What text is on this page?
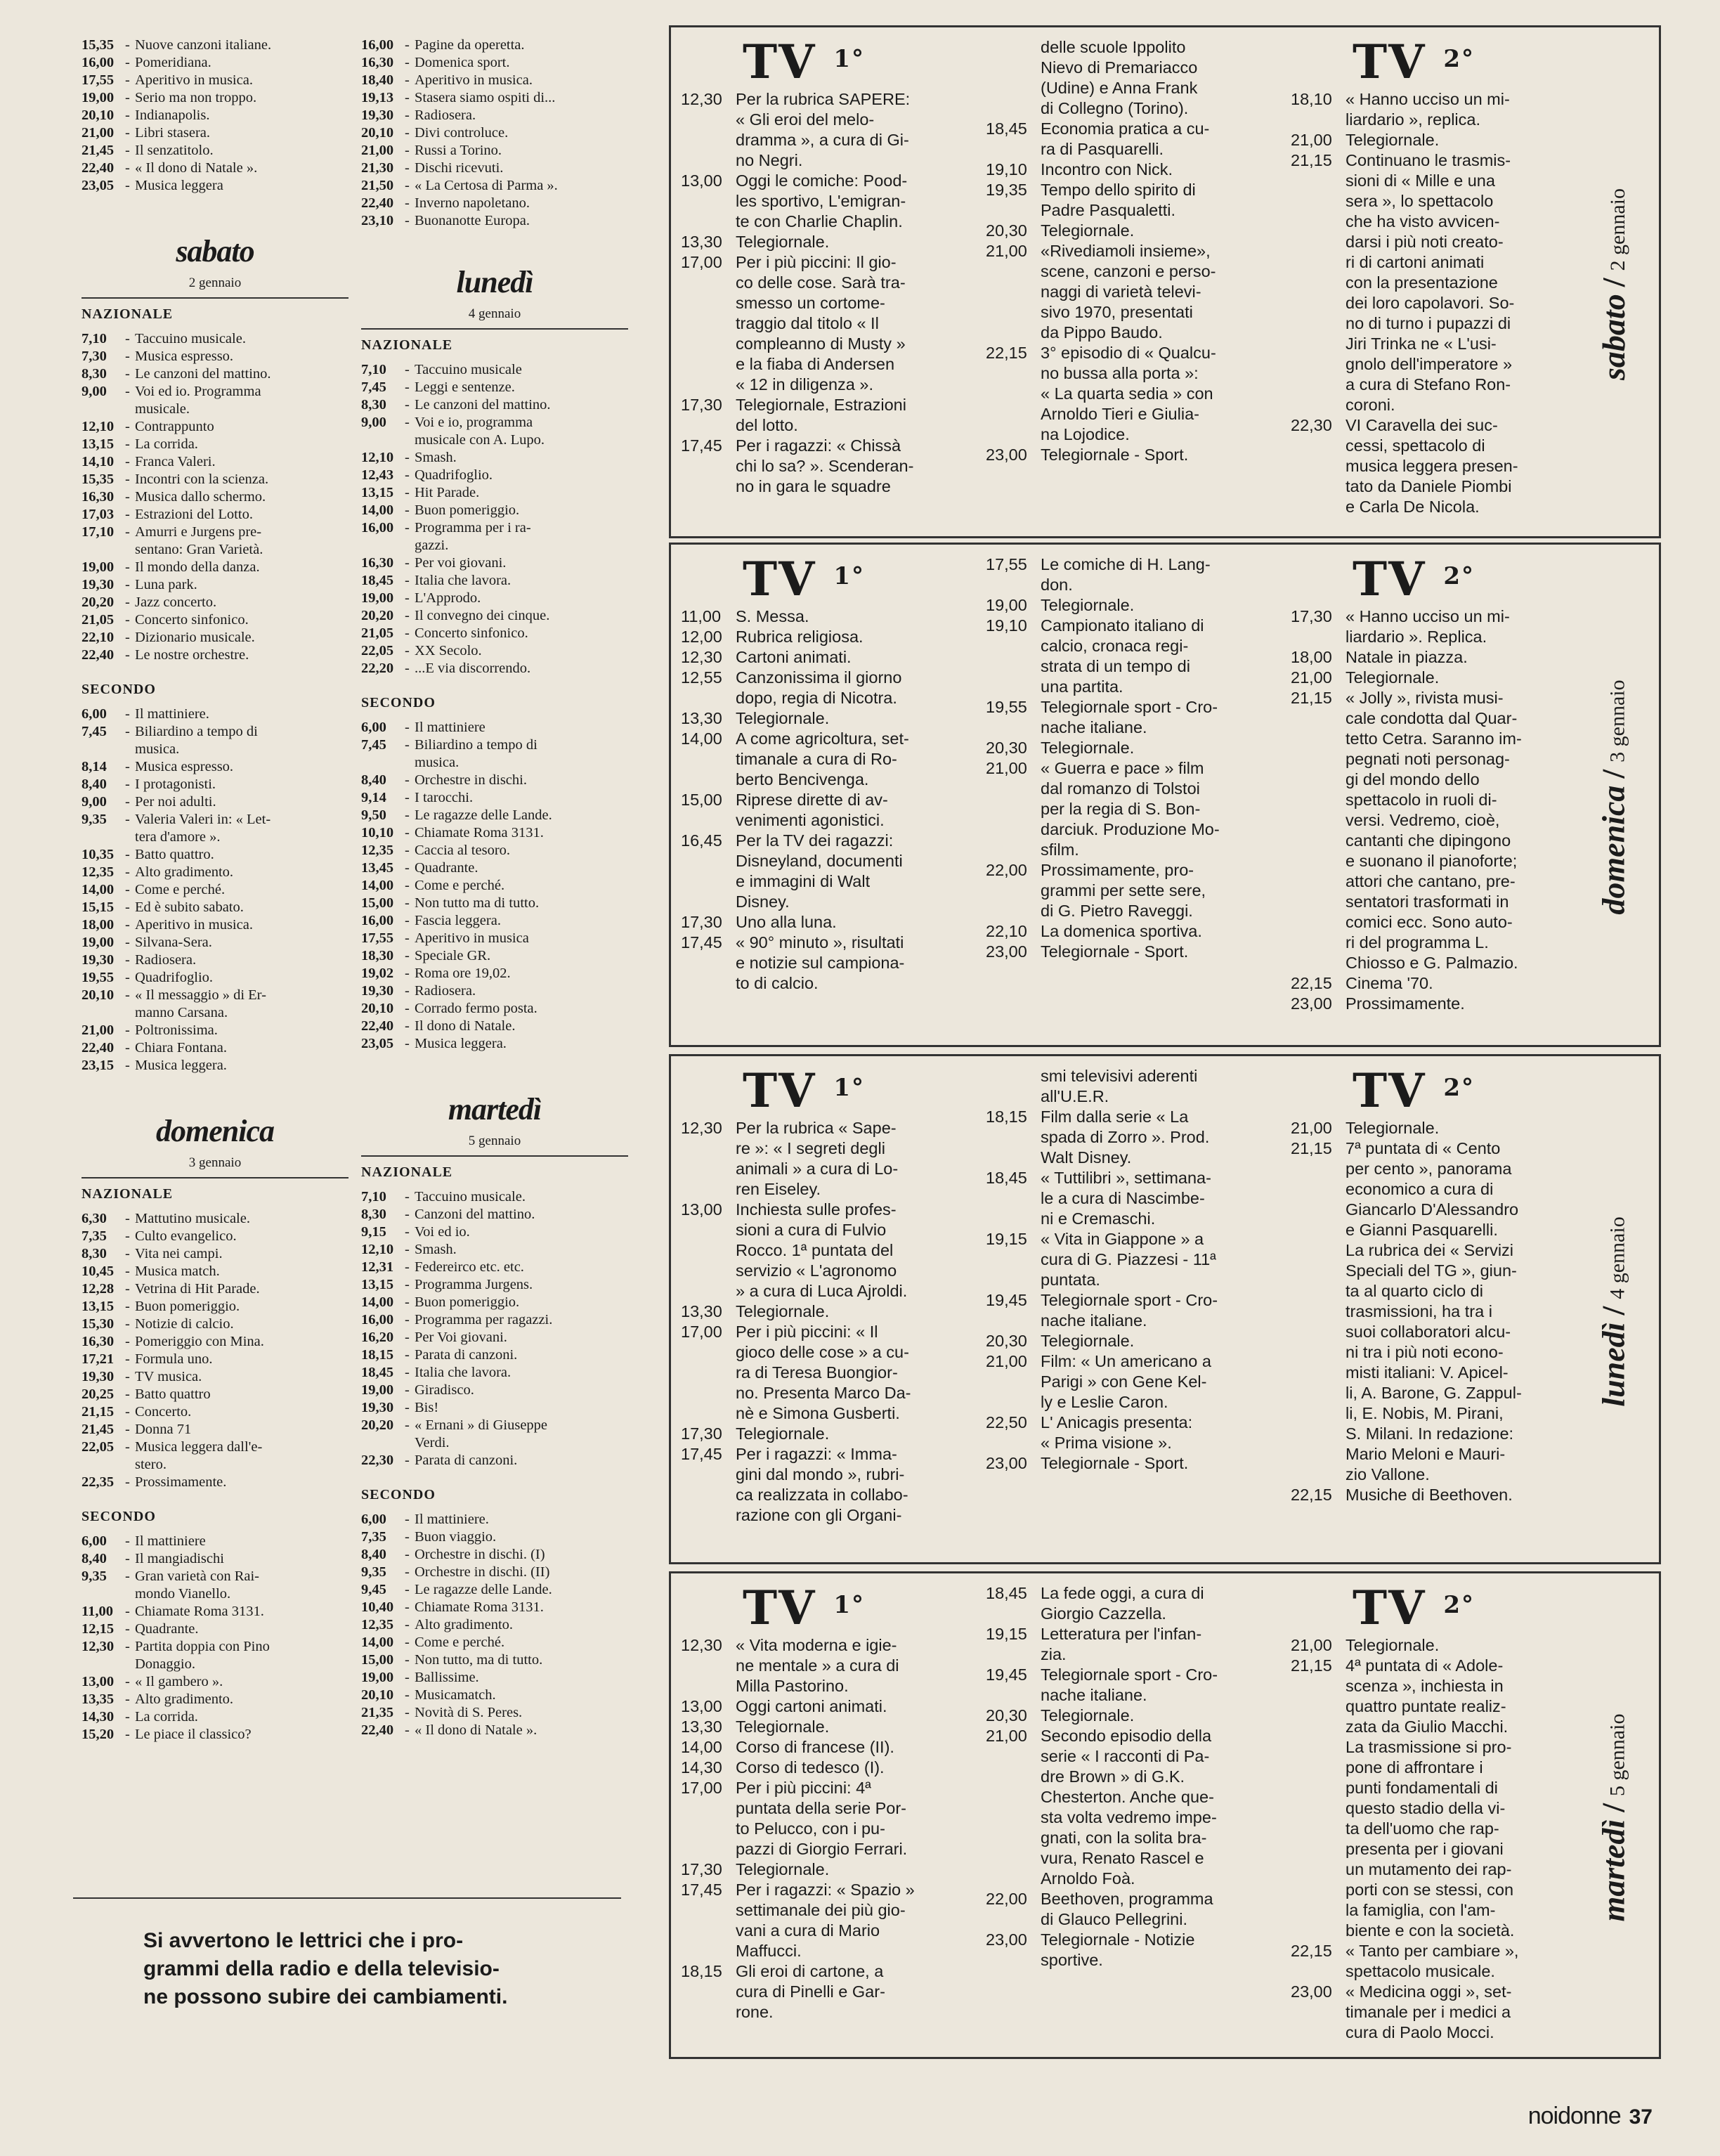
15,35 - Nuove canzoni italiane.
16,00 - Pomeridiana.
17,55 - Aperitivo in musica.
19,00 - Serio ma non troppo.
20,10 - Indianapolis.
21,00 - Libri stasera.
21,45 - Il senzatitolo.
22,40 - « Il dono di Natale ».
23,05 - Musica leggera
sabato
2 gennaio
NAZIONALE
7,10	- Taccuino musicale.
7,30	- Musica espresso.
8,30	- Le canzoni del mattino.
9,00	- Voi ed io. Programma
musicale.
12,10 - Contrappunto
13,15 - La corrida.
14,10 - Franca Valeri.
15,35 - Incontri con la scienza.
16,30 - Musica dallo schermo.
17,03 - Estrazioni del Lotto.
17,10 - Amurri e Jurgens pre-
sentano: Gran Varietà.
19,00 - Il mondo della danza.
19,30 - Luna park.
20,20 - Jazz concerto.
21,05 - Concerto sinfonico.
22,10 - Dizionario musicale.
22,40 - Le nostre orchestre.
SECONDO
6,00	- Il mattiniere.
7,45	- Biliardino a tempo di
musica.
8,14	- Musica espresso.
8,40	- I protagonisti.
9,00	- Per noi adulti.
9,35	- Valeria Valeri in: « Let-
tera d'amore ».
10,35 - Batto quattro.
12,35 - Alto gradimento.
14,00 - Come e perché.
15,15 - Ed è subito sabato.
18,00 - Aperitivo in musica.
19,00 - Silvana-Sera.
19,30 - Radiosera.
19,55 - Quadrifoglio.
20,10 - « Il messaggio » di Er-
manno Carsana.
21,00 - Poltronissima.
22,40 - Chiara Fontana.
23,15 - Musica leggera.
domenica
3 gennaio
NAZIONALE
6,30	- Mattutino musicale.
7,35	- Culto evangelico.
8,30	- Vita nei campi.
10,45 - Musica match.
12,28 - Vetrina di Hit Parade.
13,15 - Buon pomeriggio.
15,30 - Notizie di calcio.
16,30 - Pomeriggio con Mina.
17,21 - Formula uno.
19,30 - TV musica.
20,25 - Batto quattro
21,15 - Concerto.
21,45 - Donna 71
22,05 - Musica leggera dall'e-
stero.
22,35 - Prossimamente.
SECONDO
6,00	- Il mattiniere
8,40	- Il mangiadischi
9,35	- Gran varietà con Rai-
mondo Vianello.
11,00 - Chiamate Roma 3131.
12,15 - Quadrante.
12,30 - Partita doppia con Pino
Donaggio.
13,00 - « Il gambero ».
13,35 - Alto gradimento.
14,30 - La corrida.
15,20 - Le piace il classico?
16,00 - Pagine da operetta.
16,30 - Domenica sport.
18,40 - Aperitivo in musica.
19,13 - Stasera siamo ospiti di...
19,30 - Radiosera.
20,10 - Divi controluce.
21,00 - Russi a Torino.
21,30 - Dischi ricevuti.
21,50 - « La Certosa di Parma ».
22,40 - Inverno napoletano.
23,10 - Buonanotte Europa.
lunedì
4 gennaio
NAZIONALE
7,10	- Taccuino musicale
7,45	- Leggi e sentenze.
8,30	- Le canzoni del mattino.
9,00	- Voi e io, programma
musicale con A. Lupo.
12,10 - Smash.
12,43 - Quadrifoglio.
13,15 - Hit Parade.
14,00 - Buon pomeriggio.
16,00 - Programma per i ra-
gazzi.
16,30 - Per voi giovani.
18,45 - Italia che lavora.
19,00 - L'Approdo.
20,20 - Il convegno dei cinque.
21,05 - Concerto sinfonico.
22,05 - XX Secolo.
22,20 - ...E via discorrendo.
SECONDO
6,00	- Il mattiniere
7,45	- Biliardino a tempo di
musica.
8,40	- Orchestre in dischi.
9,14	- I tarocchi.
9,50	- Le ragazze delle Lande.
10,10 - Chiamate Roma 3131.
12,35 - Caccia al tesoro.
13,45 - Quadrante.
14,00 - Come e perché.
15,00 - Non tutto ma di tutto.
16,00 - Fascia leggera.
17,55 - Aperitivo in musica
18,30 - Speciale GR.
19,02 - Roma ore 19,02.
19,30 - Radiosera.
20,10 - Corrado fermo posta.
22,40 - Il dono di Natale.
23,05 - Musica leggera.
martedì
5 gennaio
NAZIONALE
7,10	- Taccuino musicale.
8,30	- Canzoni del mattino.
9,15	- Voi ed io.
12,10 - Smash.
12,31 - Federeirco etc. etc.
13,15 - Programma Jurgens.
14,00 - Buon pomeriggio.
16,00 - Programma per ragazzi.
16,20 - Per Voi giovani.
18,15 - Parata di canzoni.
18,45 - Italia che lavora.
19,00 - Giradisco.
19,30 - Bis!
20,20 - « Ernani » di Giuseppe
Verdi.
22,30 - Parata di canzoni.
SECONDO
6,00	- Il mattiniere.
7,35	- Buon viaggio.
8,40	- Orchestre in dischi. (I)
9,35	- Orchestre in dischi. (II)
9,45	- Le ragazze delle Lande.
10,40 - Chiamate Roma 3131.
12,35 - Alto gradimento.
14,00 - Come e perché.
15,00 - Non tutto, ma di tutto.
19,00 - Ballissime.
20,10 - Musicamatch.
21,35 - Novità di S. Peres.
22,40 - « Il dono di Natale ».
Si avvertono le lettrici che i pro-
grammi della radio e della televisio-
ne possono subire dei cambiamenti.
TV $^{1^\circ}$
12,30 Per la rubrica SAPERE:
« Gli eroi del melo-
dramma », a cura di Gi-
no Negri.
13,00 Oggi le comiche: Pood-
les sportivo, L'emigran-
te con Charlie Chaplin.
13,30 Telegiornale.
17,00 Per i più piccini: Il gio-
co delle cose. Sarà tra-
smesso un cortome-
traggio dal titolo « Il
compleanno di Musty »
e la fiaba di Andersen
« 12 in diligenza ».
17,30 Telegiornale, Estrazioni
del lotto.
17,45 Per i ragazzi: « Chissà
chi lo sa? ». Scenderan-
no in gara le squadre
delle scuole Ippolito
Nievo di Premariacco
(Udine) e Anna Frank
di Collegno (Torino).
18,45 Economia pratica a cu-
ra di Pasquarelli.
19,10 Incontro con Nick.
19,35 Tempo dello spirito di
Padre Pasqualetti.
20,30 Telegiornale.
21,00 «Rivediamoli insieme»,
scene, canzoni e perso-
naggi di varietà televi-
sivo 1970, presentati
da Pippo Baudo.
22,15 3° episodio di « Qualcu-
no bussa alla porta »:
« La quarta sedia » con
Arnoldo Tieri e Giulia-
na Lojodice.
23,00 Telegiornale - Sport.
TV $^{2^\circ}$
18,10 « Hanno ucciso un mi-
liardario », replica.
21,00 Telegiornale.
21,15 Continuano le trasmis-
sioni di « Mille e una
sera », lo spettacolo
che ha visto avvicen-
darsi i più noti creato-
ri di cartoni animati
con la presentazione
dei loro capolavori. So-
no di turno i pupazzi di
Jiri Trinka ne « L'usi-
gnolo dell'imperatore »
a cura di Stefano Ron-
coroni.
22,30 VI Caravella dei suc-
cessi, spettacolo di
musica leggera presen-
tato da Daniele Piombi
e Carla De Nicola.
sabato/2 gennaio
TV $^{1^\circ}$
11,00 S. Messa.
12,00 Rubrica religiosa.
12,30 Cartoni animati.
12,55 Canzonissima il giorno
dopo, regia di Nicotra.
13,30 Telegiornale.
14,00 A come agricoltura, set-
timanale a cura di Ro-
berto Bencivenga.
15,00 Riprese dirette di av-
venimenti agonistici.
16,45 Per la TV dei ragazzi:
Disneyland, documenti
e immagini di Walt
Disney.
17,30 Uno alla luna.
17,45 « 90° minuto », risultati
e notizie sul campiona-
to di calcio.
17,55 Le comiche di H. Lang-
don.
19,00 Telegiornale.
19,10 Campionato italiano di
calcio, cronaca regi-
strata di un tempo di
una partita.
19,55 Telegiornale sport - Cro-
nache italiane.
20,30 Telegiornale.
21,00 « Guerra e pace » film
dal romanzo di Tolstoi
per la regia di S. Bon-
darciuk. Produzione Mo-
sfilm.
22,00 Prossimamente, pro-
grammi per sette sere,
di G. Pietro Raveggi.
22,10 La domenica sportiva.
23,00 Telegiornale - Sport.
TV $^{2^\circ}$
17,30 « Hanno ucciso un mi-
liardario ». Replica.
18,00 Natale in piazza.
21,00 Telegiornale.
21,15 « Jolly », rivista musi-
cale condotta dal Quar-
tetto Cetra. Saranno im-
pegnati noti personag-
gi del mondo dello
spettacolo in ruoli di-
versi. Vedremo, cioè,
cantanti che dipingono
e suonano il pianoforte;
attori che cantano, pre-
sentatori trasformati in
comici ecc. Sono auto-
ri del programma L.
Chiosso e G. Palmazio.
22,15 Cinema '70.
23,00 Prossimamente.
domenica/3 gennaio
TV $^{1^\circ}$
12,30 Per la rubrica « Sape-
re »: « I segreti degli
animali » a cura di Lo-
ren Eiseley.
13,00 Inchiesta sulle profes-
sioni a cura di Fulvio
Rocco. 1ª puntata del
servizio « L'agronomo
» a cura di Luca Ajroldi.
13,30 Telegiornale.
17,00 Per i più piccini: « Il
gioco delle cose » a cu-
ra di Teresa Buongior-
no. Presenta Marco Da-
nè e Simona Gusberti.
17,30 Telegiornale.
17,45 Per i ragazzi: « Imma-
gini dal mondo », rubri-
ca realizzata in collabo-
razione con gli Organi-
smi televisivi aderenti
all'U.E.R.
18,15 Film dalla serie « La
spada di Zorro ». Prod.
Walt Disney.
18,45 « Tuttilibri », settimana-
le a cura di Nascimbe-
ni e Cremaschi.
19,15 « Vita in Giappone » a
cura di G. Piazzesi - 11ª
puntata.
19,45 Telegiornale sport - Cro-
nache italiane.
20,30 Telegiornale.
21,00 Film: « Un americano a
Parigi » con Gene Kel-
ly e Leslie Caron.
22,50 L' Anicagis presenta:
« Prima visione ».
23,00 Telegiornale - Sport.
TV $^{2^\circ}$
21,00 Telegiornale.
21,15 7ª puntata di « Cento
per cento », panorama
economico a cura di
Giancarlo D'Alessandro
e Gianni Pasquarelli.
La rubrica dei « Servizi
Speciali del TG », giun-
ta al quarto ciclo di
trasmissioni, ha tra i
suoi collaboratori alcu-
ni tra i più noti econo-
misti italiani: V. Apicel-
li, A. Barone, G. Zappul-
li, E. Nobis, M. Pirani,
S. Milani. In redazione:
Mario Meloni e Mauri-
zio Vallone.
22,15 Musiche di Beethoven.
lunedì/4 gennaio
TV $^{1^\circ}$
12,30 « Vita moderna e igie-
ne mentale » a cura di
Milla Pastorino.
13,00 Oggi cartoni animati.
13,30 Telegiornale.
14,00 Corso di francese (II).
14,30 Corso di tedesco (I).
17,00 Per i più piccini: 4ª
puntata della serie Por-
to Pelucco, con i pu-
pazzi di Giorgio Ferrari.
17,30 Telegiornale.
17,45 Per i ragazzi: « Spazio »
settimanale dei più gio-
vani a cura di Mario
Maffucci.
18,15 Gli eroi di cartone, a
cura di Pinelli e Gar-
rone.
18,45 La fede oggi, a cura di
Giorgio Cazzella.
19,15 Letteratura per l'infan-
zia.
19,45 Telegiornale sport - Cro-
nache italiane.
20,30 Telegiornale.
21,00 Secondo episodio della
serie « I racconti di Pa-
dre Brown » di G.K.
Chesterton. Anche que-
sta volta vedremo impe-
gnati, con la solita bra-
vura, Renato Rascel e
Arnoldo Foà.
22,00 Beethoven, programma
di Glauco Pellegrini.
23,00 Telegiornale - Notizie
sportive.
TV $^{2^\circ}$
21,00 Telegiornale.
21,15 4ª puntata di « Adole-
scenza », inchiesta in
quattro puntate realiz-
zata da Giulio Macchi.
La trasmissione si pro-
pone di affrontare i
punti fondamentali di
questo stadio della vi-
ta dell'uomo che rap-
presenta per i giovani
un mutamento dei rap-
porti con se stessi, con
la famiglia, con l'am-
biente e con la società.
22,15 « Tanto per cambiare »,
spettacolo musicale.
23,00 « Medicina oggi », set-
timanale per i medici a
cura di Paolo Mocci.
martedì/5 gennaio
noidonne 37
